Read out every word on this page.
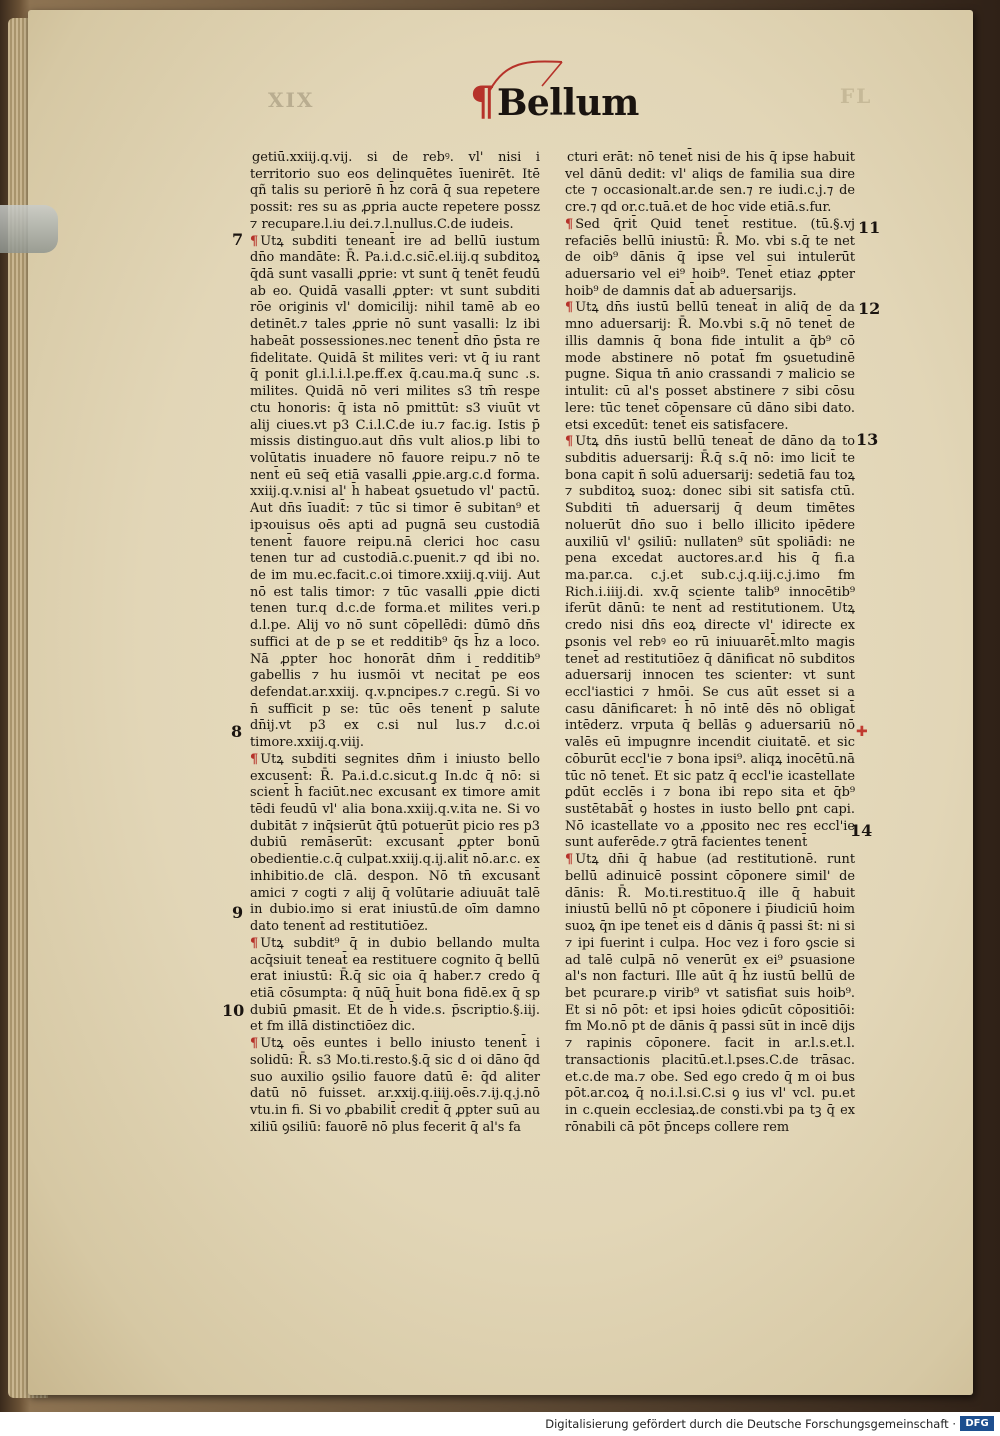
XIX	FL
¶Bellum
7
8
9
10
11
12
13
14
✚

getiū.xxiij.q.vij. si de rebꝰ. vl' nisi i territorio suo eos delinquētes īuenirēt. Itē qñ talis su periorē n̄ h̄z corā q̄ sua repetere possit: res su as ꝓpria aucte repetere possz ⁊ recupare.l.iu dei.⁊.l.nullus.C.de iudeis.

¶ Utꝝ subditi teneant̄ ire ad bellū iustum dn̄o mandāte: R̄. Pa.i.d.c.sic̄.el.iij.q subditoꝝ q̄dā sunt vasalli ꝓprie: vt sunt q̄ tenēt feudū ab eo. Quidā vasalli ꝓpter: vt sunt subditi rōe originis vl' domicilij: nihil tamē ab eo detinēt.⁊ tales ꝓprie nō sunt vasalli: lz ibi habeāt possessiones.nec tenent̄ dn̄o p̄sta re fidelitate. Quidā s̄t milites veri: vt q̄ iu rant q̄ ponit gl.i.l.i.l.pe.ff.ex q̄.cau.ma.q̄ sunc .s. milites. Quidā nō veri milites s3 tm̄ respe ctu honoris: q̄ ista nō pmittūt: s3 viuūt vt alij ciues.vt p3 C.i.l.C.de iu.⁊ fac.ig. Istis p̄ missis distinguo.aut dn̄s vult alios.p libi to volūtatis inuadere nō fauore reipu.⁊ nō te nent̄ eū seq̄ etiā vasalli ꝓpie.arg.c.d forma. xxiij.q.v.nisi al' h̄ habeat ꝯsuetudo vl' pactū. Aut dn̄s īuadit̄: ⁊ tūc si timor ē subitan⁹ et ipꝛouisus oēs apti ad pugnā seu custodiā tenent̄ fauore reipu.nā clerici hoc casu tenen tur ad custodiā.c.puenit.⁊ qd ibi no. de im mu.ec.facit.c.oi timore.xxiij.q.viij. Aut nō est talis timor: ⁊ tūc vasalli ꝓpie dicti tenen tur.q d.c.de forma.et milites veri.p d.l.pe. Alij vo nō sunt cōpellēdi: dūmō dn̄s suffici at de p se et redditib⁹ q̄s h̄z a loco. Nā ꝓpter hoc honorāt dn̄m i redditib⁹ gabellis ⁊ hu iusmōi vt necitat̄ pe eos defendat.ar.xxiij. q.v.pncipes.⁊ c.regū. Si vo n̄ sufficit p se: tūc oēs tenent̄ p salute dn̄ij.vt p3 ex c.si nul lus.⁊ d.c.oi timore.xxiij.q.viij.

¶ Utꝝ subditi segnites dn̄m i iniusto bello excusent̄: R̄. Pa.i.d.c.sicut.q In.dc q̄ nō: si scient̄ h̄ faciūt.nec excusant̄ ex timore amit tēdi feudū vl' alia bona.xxiij.q.v.ita ne. Si vo dubitāt ⁊ inq̄sierūt q̄tū potuerūt picio res p3 dubiū remāserūt: excusant̄ ꝓpter bonū obedientie.c.q̄ culpat.xxiij.q.ij.alit̄ nō.ar.c. ex inhibitio.de clā. despon. Nō tn̄ excusant̄ amici ⁊ cogti ⁊ alij q̄ volūtarie adiuuāt talē in dubio.imo si erat iniustū.de oīm damno dato tenent̄ ad restitutiōez.

¶ Utꝝ subdit⁹ q̄ in dubio bellando multa acq̄siuit teneat̄ ea restituere cognito q̄ bellū erat iniustū: R̄.q̄ sic oia q̄ haber.⁊ credo q̄ etiā cōsumpta: q̄ nūq̄ h̄uit bona fidē.ex q̄ sp dubiū ꝑmasit. Et de h̄ vide.s. p̄scriptio.§.iij. et fm illā distinctiōez dic.

¶ Utꝝ oēs euntes i bello iniusto tenent̄ i solidū: R̄. s3 Mo.ti.resto.§.q̄ sic d oi dāno q̄d suo auxilio ꝯsilio fauore datū ē: q̄d aliter datū nō fuisset. ar.xxij.q.iiij.oēs.⁊.ij.q.j.nō vtu.in fi. Si vo ꝓbabilit̄ credit̄ q̄ ꝓpter suū au xiliū ꝯsiliū: fauorē nō plus fecerit q̄ al's fa

cturi erāt: nō tenet̄ nisi de his q̄ ipse habuit vel dānū dedit: vl' aliqs de familia sua dire cte ⁊ occasionalt.ar.de sen.⁊ re iudi.c.j.⁊ de cre.⁊ qd or.c.tuā.et de hoc vide etiā.s.fur.

¶ Sed q̄rit̄ Quid tenet̄ restitue. (tū.§.vj refaciēs bellū iniustū: R̄. Mo. vbi s.q̄ te net de oib⁹ dānis q̄ ipse vel sui intulerūt aduersario vel ei⁹ hoib⁹. Tenet̄ etiaz ꝓpter hoib⁹ de damnis dat̄ ab aduersarijs.

¶ Utꝝ dn̄s iustū bellū teneat̄ in aliq̄ de da mno aduersarij: R̄. Mo.vbi s.q̄ nō tenet̄ de illis damnis q̄ bona fide intulit a q̄b⁹ cō mode abstinere nō potat̄ fm ꝯsuetudinē pugne. Siqua tn̄ anio crassandi ⁊ malicio se intulit: cū al's posset abstinere ⁊ sibi cōsu lere: tūc tenet̄ cōpensare cū dāno sibi dato. etsi excedūt: tenet̄ eis satisfacere.

¶ Utꝝ dn̄s iustū bellū teneat̄ de dāno da to subditis aduersarij: R̄.q̄ s.q̄ nō: imo licit̄ te bona capit n̄ solū aduersarij: sedetiā fau toꝝ ⁊ subditoꝝ suoꝝ: donec sibi sit satisfa ctū. Subditi tn̄ aduersarij q̄ deum timētes noluerūt dn̄o suo i bello illicito ipēdere auxiliū vl' ꝯsiliū: nullaten⁹ sūt spoliādi: ne pena excedat auctores.ar.d his q̄ fi.a ma.par.ca. c.j.et sub.c.j.q.iij.c.j.imo fm Rich.i.iiij.di. xv.q̄ sciente talib⁹ innocētib⁹ iferūt dānū: te nent̄ ad restitutionem. Utꝝ credo nisi dn̄s eoꝝ directe vl' idirecte ex ꝑsonis vel rebꝰ eo rū iniuuarēt̄.mlto magis tenet̄ ad restitutiōez q̄ dānificat nō subditos aduersarij innocen tes scienter: vt sunt eccl'iastici ⁊ hmōi. Se cus aūt esset si a casu dānificaret: h̄ nō intē dēs nō obligat̄ intēderz. vrputa q̄ bellās ꝯ aduersariū nō valēs eū impugnre incendit ciuitatē. et sic cōburūt eccl'ie ⁊ bona ipsi⁹. aliqꝝ inocētū.nā tūc nō tenet̄. Et sic patz q̄ eccl'ie icastellate ꝑdūt ecclēs i ⁊ bona ibi repo sita et q̄b⁹ sustētabāt̄ ꝯ hostes in iusto bello ꝑnt capi. Nō icastellate vo a ꝓposito nec res eccl'ie sunt auferēde.⁊ ꝯtrā facientes tenent̄

¶ Utꝝ dn̄i q̄ habue (ad restitutionē. runt bellū adinuicē possint cōponere simil' de dānis: R̄. Mo.ti.restituo.q̄ ille q̄ habuit iniustū bellū nō pt cōponere i p̄iudiciū hoim suoꝝ q̄n ipe tenet̄ eis d dānis q̄ passi s̄t: ni si ⁊ ipi fuerint i culpa. Hoc vez i foro ꝯscie si ad talē culpā nō venerūt ex ei⁹ ꝑsuasione al's non facturi. Ille aūt q̄ h̄z iustū bellū de bet pcurare.p virib⁹ vt satisfiat suis hoib⁹. Et si nō pōt: et ipsi hoies ꝯdicūt cōpositiōi: fm Mo.nō pt de dānis q̄ passi sūt in incē dijs ⁊ rapinis cōponere. facit in ar.l.s.et.l. transactionis placitū.et.l.pses.C.de trāsac. et.c.de ma.⁊ obe. Sed ego credo q̄ m oi bus pōt.ar.coꝝ q̄ no.i.l.si.C.si ꝯ ius vl' vcl. pu.et in c.quein ecclesiaꝝ.de consti.vbi pa tꝫ q̄ ex rōnabili cā pōt p̄nceps collere rem

Digitalisierung gefördert durch die Deutsche Forschungsgemeinschaft · DFG
